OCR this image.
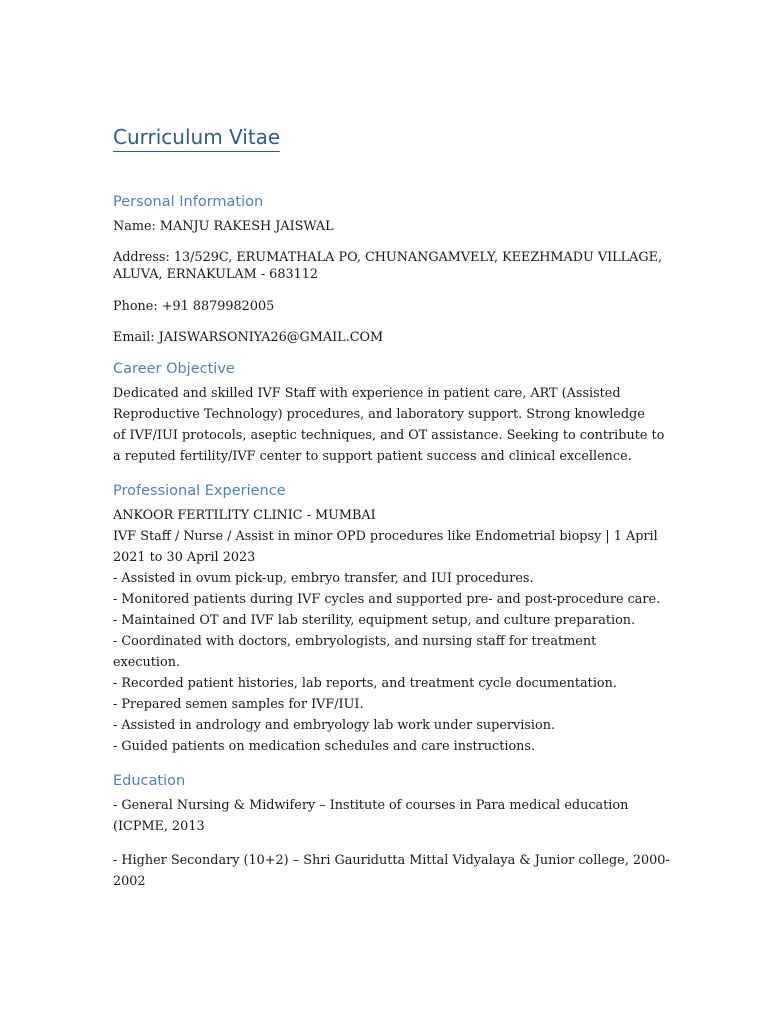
Curriculum Vitae
Personal Information

Name: MANJU RAKESH JAISWAL

Address: 13/529C, ERUMATHALA PO, CHUNANGAMVELY, KEEZHMADU VILLAGE,

ALUVA, ERNAKULAM - 683112

Phone: +91 8879982005

Email: JAISWARSONIYA26@GMAIL.COM

Career Objective

Dedicated and skilled IVF Staff with experience in patient care, ART (Assisted

Reproductive Technology) procedures, and laboratory support. Strong knowledge

of IVF/IUI protocols, aseptic techniques, and OT assistance. Seeking to contribute to

a reputed fertility/IVF center to support patient success and clinical excellence.

Professional Experience

ANKOOR FERTILITY CLINIC - MUMBAI

IVF Staff / Nurse / Assist in minor OPD procedures like Endometrial biopsy | 1 April

2021 to 30 April 2023

- Assisted in ovum pick-up, embryo transfer, and IUI procedures.

- Monitored patients during IVF cycles and supported pre- and post-procedure care.

- Maintained OT and IVF lab sterility, equipment setup, and culture preparation.

- Coordinated with doctors, embryologists, and nursing staff for treatment

execution.

- Recorded patient histories, lab reports, and treatment cycle documentation.

- Prepared semen samples for IVF/IUI.

- Assisted in andrology and embryology lab work under supervision.

- Guided patients on medication schedules and care instructions.

Education

- General Nursing & Midwifery – Institute of courses in Para medical education

(ICPME, 2013

- Higher Secondary (10+2) – Shri Gauridutta Mittal Vidyalaya & Junior college, 2000-

2002
